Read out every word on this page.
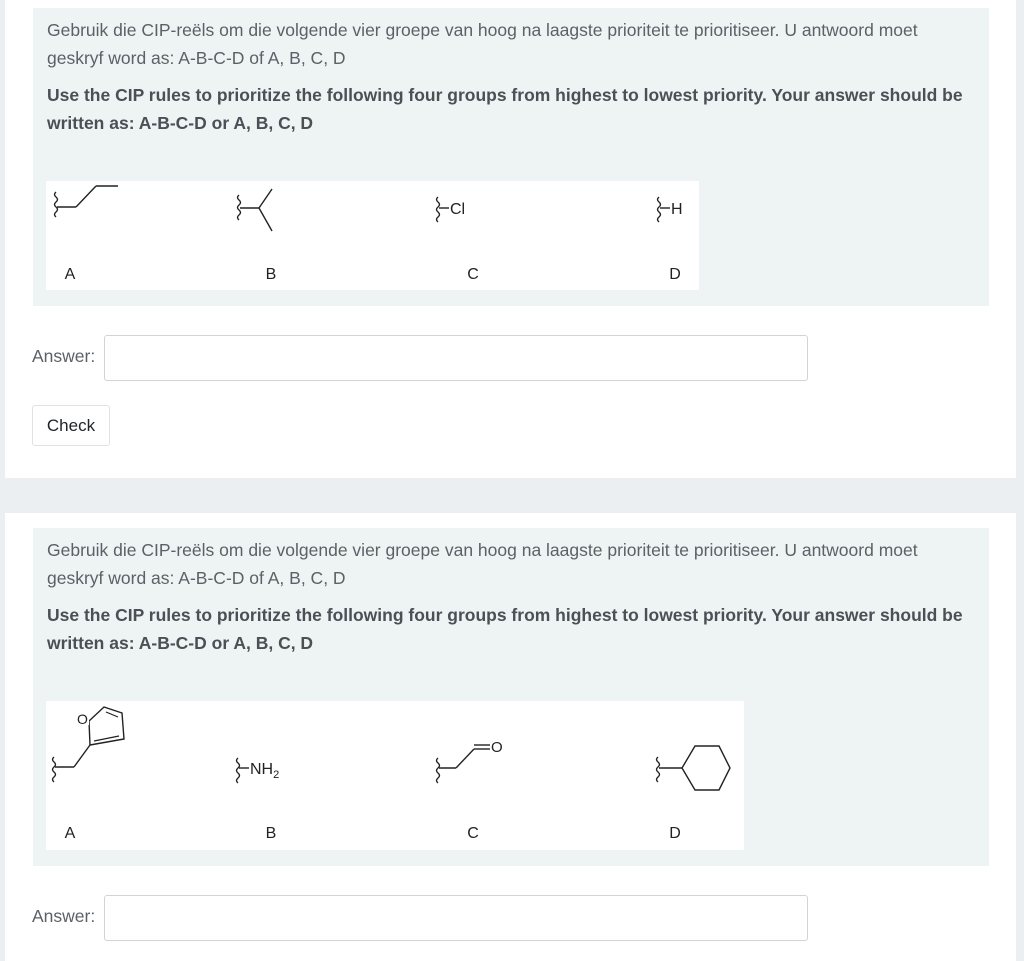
Gebruik die CIP-reëls om die volgende vier groepe van hoog na laagste prioriteit te prioritiseer. U antwoord moet geskryf word as: A-B-C-D of A, B, C, D

Use the CIP rules to prioritize the following four groups from highest to lowest priority. Your answer should be written as: A-B-C-D or A, B, C, D

A	B
Cl
C
H
D
Answer:
Check

Gebruik die CIP-reëls om die volgende vier groepe van hoog na laagste prioriteit te prioritiseer. U antwoord moet geskryf word as: A-B-C-D of A, B, C, D

Use the CIP rules to prioritize the following four groups from highest to lowest priority. Your answer should be written as: A-B-C-D or A, B, C, D

O
A
$NH_2$
B
O
C	D
Answer:
